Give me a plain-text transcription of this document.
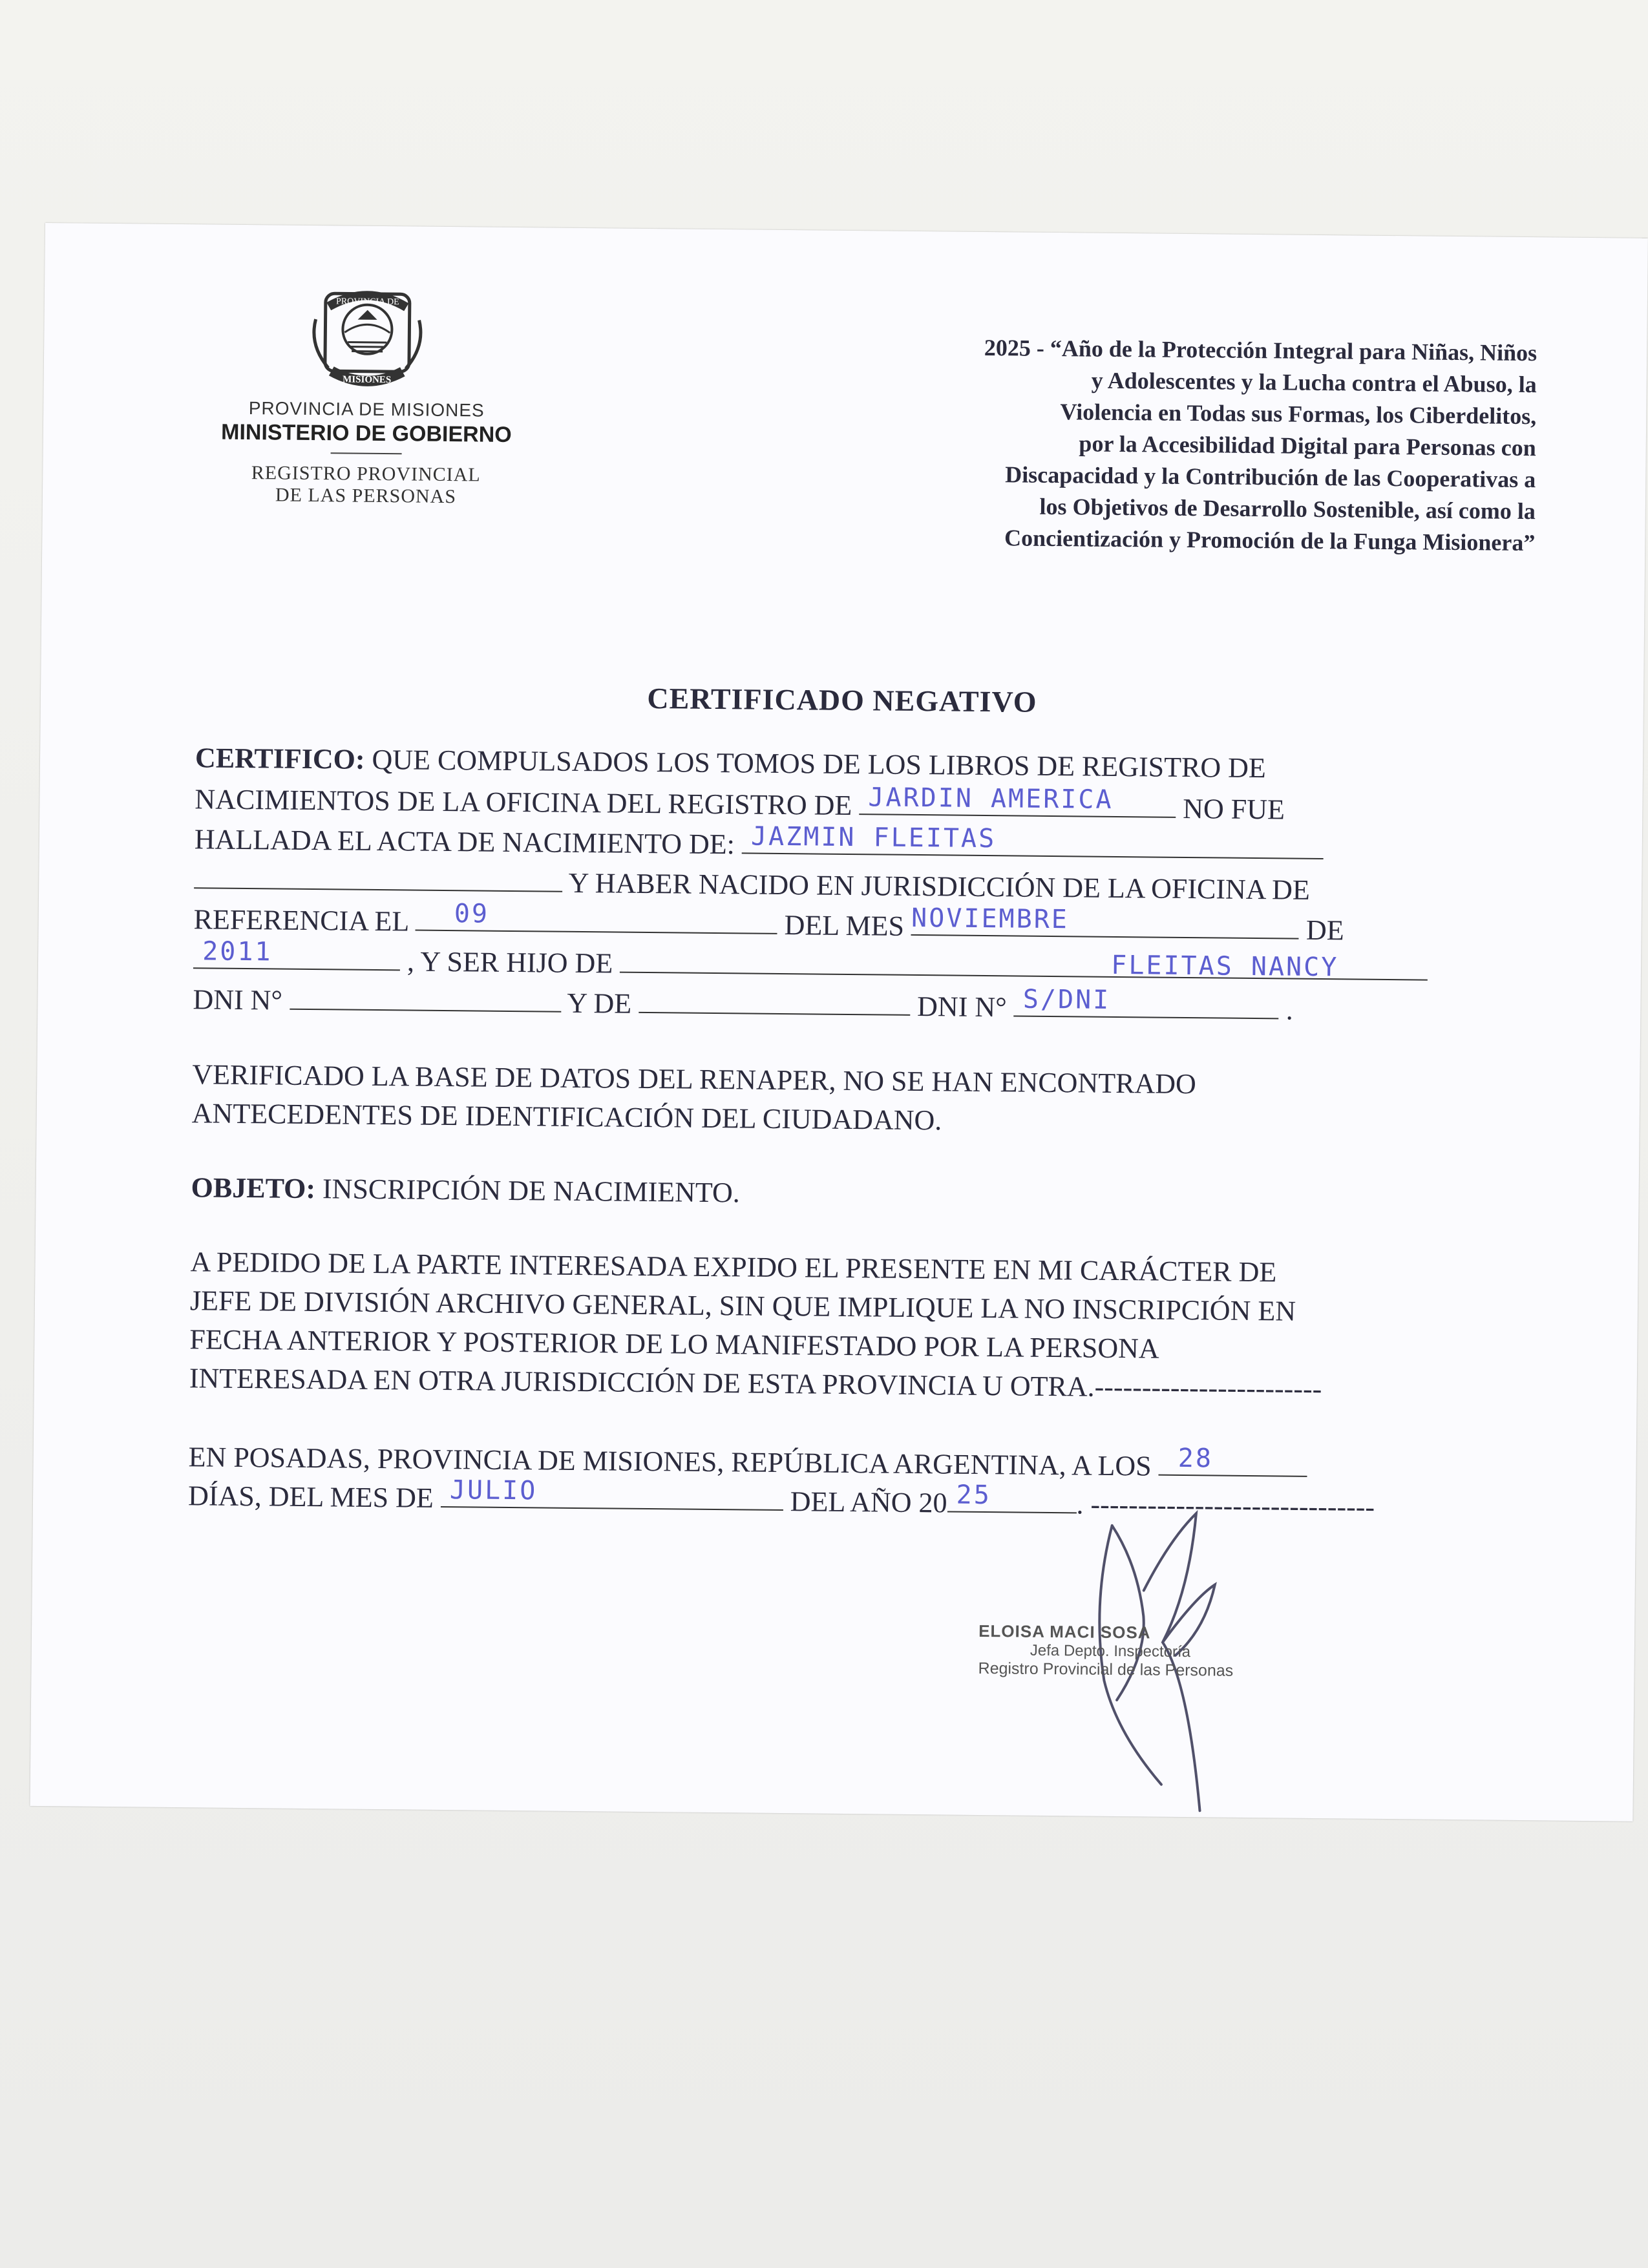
PROVINCIA DE
MISIONES
PROVINCIA DE MISIONES
MINISTERIO DE GOBIERNO
REGISTRO PROVINCIAL
DE LAS PERSONAS
2025 - “Año de la Protección Integral para Niñas, Niños
y Adolescentes y la Lucha contra el Abuso, la
Violencia en Todas sus Formas, los Ciberdelitos,
por la Accesibilidad Digital para Personas con
Discapacidad y la Contribución de las Cooperativas a
los Objetivos de Desarrollo Sostenible, así como la
Concientización y Promoción de la Funga Misionera”
CERTIFICADO NEGATIVO
CERTIFICO: QUE COMPULSADOS LOS TOMOS DE LOS LIBROS DE REGISTRO DE
NACIMIENTOS DE LA OFICINA DEL REGISTRO DE JARDIN AMERICA NO FUE
HALLADA EL ACTA DE NACIMIENTO DE: JAZMIN FLEITAS
Y HABER NACIDO EN JURISDICCIÓN DE LA OFICINA DE
REFERENCIA EL 09	DEL MES NOVIEMBRE	DE
2011	, Y SER HIJO DE	FLEITAS NANCY
DNI N°	Y DE	DNI N° S/DNI	.
VERIFICADO LA BASE DE DATOS DEL RENAPER, NO SE HAN ENCONTRADO
ANTECEDENTES DE IDENTIFICACIÓN DEL CIUDADANO.
OBJETO: INSCRIPCIÓN DE NACIMIENTO.
A PEDIDO DE LA PARTE INTERESADA EXPIDO EL PRESENTE EN MI CARÁCTER DE
JEFE DE DIVISIÓN ARCHIVO GENERAL, SIN QUE IMPLIQUE LA NO INSCRIPCIÓN EN
FECHA ANTERIOR Y POSTERIOR DE LO MANIFESTADO POR LA PERSONA
INTERESADA EN OTRA JURISDICCIÓN DE ESTA PROVINCIA U OTRA.------------------------
EN POSADAS, PROVINCIA DE MISIONES, REPÚBLICA ARGENTINA, A LOS 28
DÍAS, DEL MES DE JULIO	DEL AÑO 20 25	. ------------------------------
ELOISA MACI SOSA
Jefa Depto. Inspectoría
Registro Provincial de las Personas
